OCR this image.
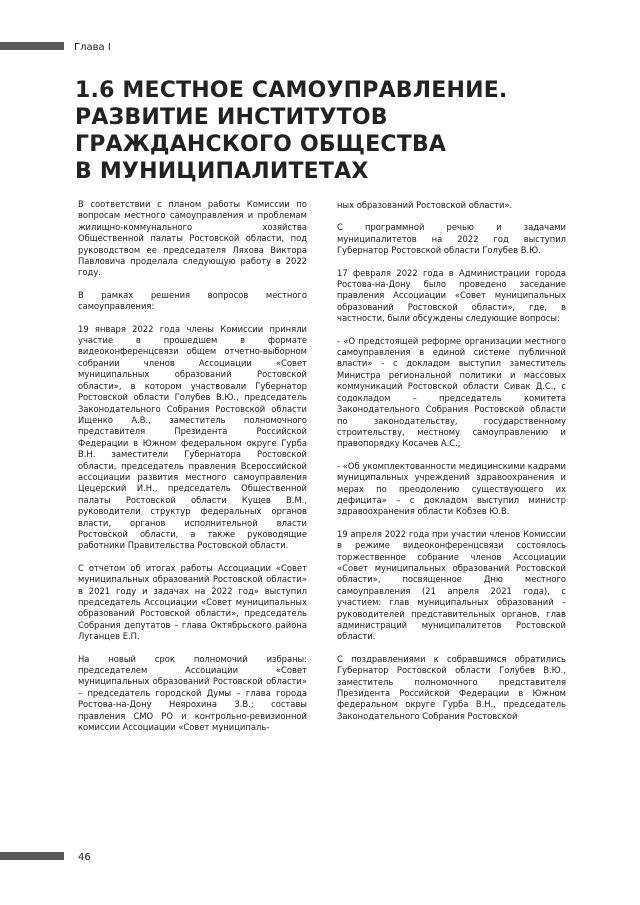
Глава I
1.6 МЕСТНОЕ САМОУПРАВЛЕНИЕ.
РАЗВИТИЕ ИНСТИТУТОВ
ГРАЖДАНСКОГО ОБЩЕСТВА
В МУНИЦИПАЛИТЕТАХ

В соответствии с планом работы Комиссии по вопросам местного самоуправления и проблемам жилищно-коммунального хозяйства Общественной палаты Ростовской области, под руководством ее председателя Ляхова Виктора Павловича проделала следующую работу в 2022 году.

В рамках решения вопросов местного самоуправления:

19 января 2022 года члены Комиссии приняли участие в прошедшем в формате видеоконференцсвязи общем отчетно-выборном собрании членов Ассоциации «Совет муниципальных образований Ростовской области», в котором участвовали Губернатор Ростовской области Голубев В.Ю., председатель Законодательного Собрания Ростовской области Ищенко А.В., заместитель полномочного представителя Президента Российской Федерации в Южном федеральном округе Гурба В.Н. заместители Губернатора Ростовской области, председатель правления Всероссийской ассоциации развития местного самоуправления Цецерский И.Н., председатель Общественной палаты Ростовской области Кущев В.М., руководители структур федеральных органов власти, органов исполнительной власти Ростовской области, а также руководящие работники Правительства Ростовской области.

С отчетом об итогах работы Ассоциации «Совет муниципальных образований Ростовской области» в 2021 году и задачах на 2022 год» выступил председатель Ассоциации «Совет муниципальных образований Ростовской области», председатель Собрания депутатов – глава Октябрьского района Луганцев Е.П.

На новый срок полномочий избраны: председателем Ассоциации «Совет муниципальных образований Ростовской области» – председатель городской Думы – глава города Ростова-на-Дону Неярохина З.В.; составы правления СМО РО и контрольно-ревизионной комиссии Ассоциации «Совет муниципаль-

ных образований Ростовской области».

С программной речью и задачами муниципалитетов на 2022 год выступил Губернатор Ростовской области Голубев В.Ю.

17 февраля 2022 года в Администрации города Ростова-на-Дону было проведено заседание правления Ассоциации «Совет муниципальных образований Ростовской области», где, в частности, были обсуждены следующие вопросы:

- «О предстоящей реформе организации местного самоуправления в единой системе публичной власти» - с докладом выступил заместитель Министра региональной политики и массовых коммуникаций Ростовской области Сивак Д.С., с содокладом – председатель комитета Законодательного Собрания Ростовской области по законодательству, государственному строительству, местному самоуправлению и правопорядку Косачев А.С.;

- «Об укомплектованности медицинскими кадрами муниципальных учреждений здравоохранения и мерах по преодолению существующего их дефицита» – с докладом выступил министр здравоохранения области Кобзев Ю.В.

19 апреля 2022 года при участии членов Комиссии в режиме видеоконференцсвязи состоялось торжественное собрание членов Ассоциации «Совет муниципальных образований Ростовской области», посвященное Дню местного самоуправления (21 апреля 2021 года), с участием: глав муниципальных образований – руководителей представительных органов, глав администраций муниципалитетов Ростовской области.

С поздравлениями к собравшимся обратились Губернатор Ростовской области Голубев В.Ю., заместитель полномочного представителя Президента Российской Федерации в Южном федеральном округе Гурба В.Н., председатель Законодательного Собрания Ростовской

46
